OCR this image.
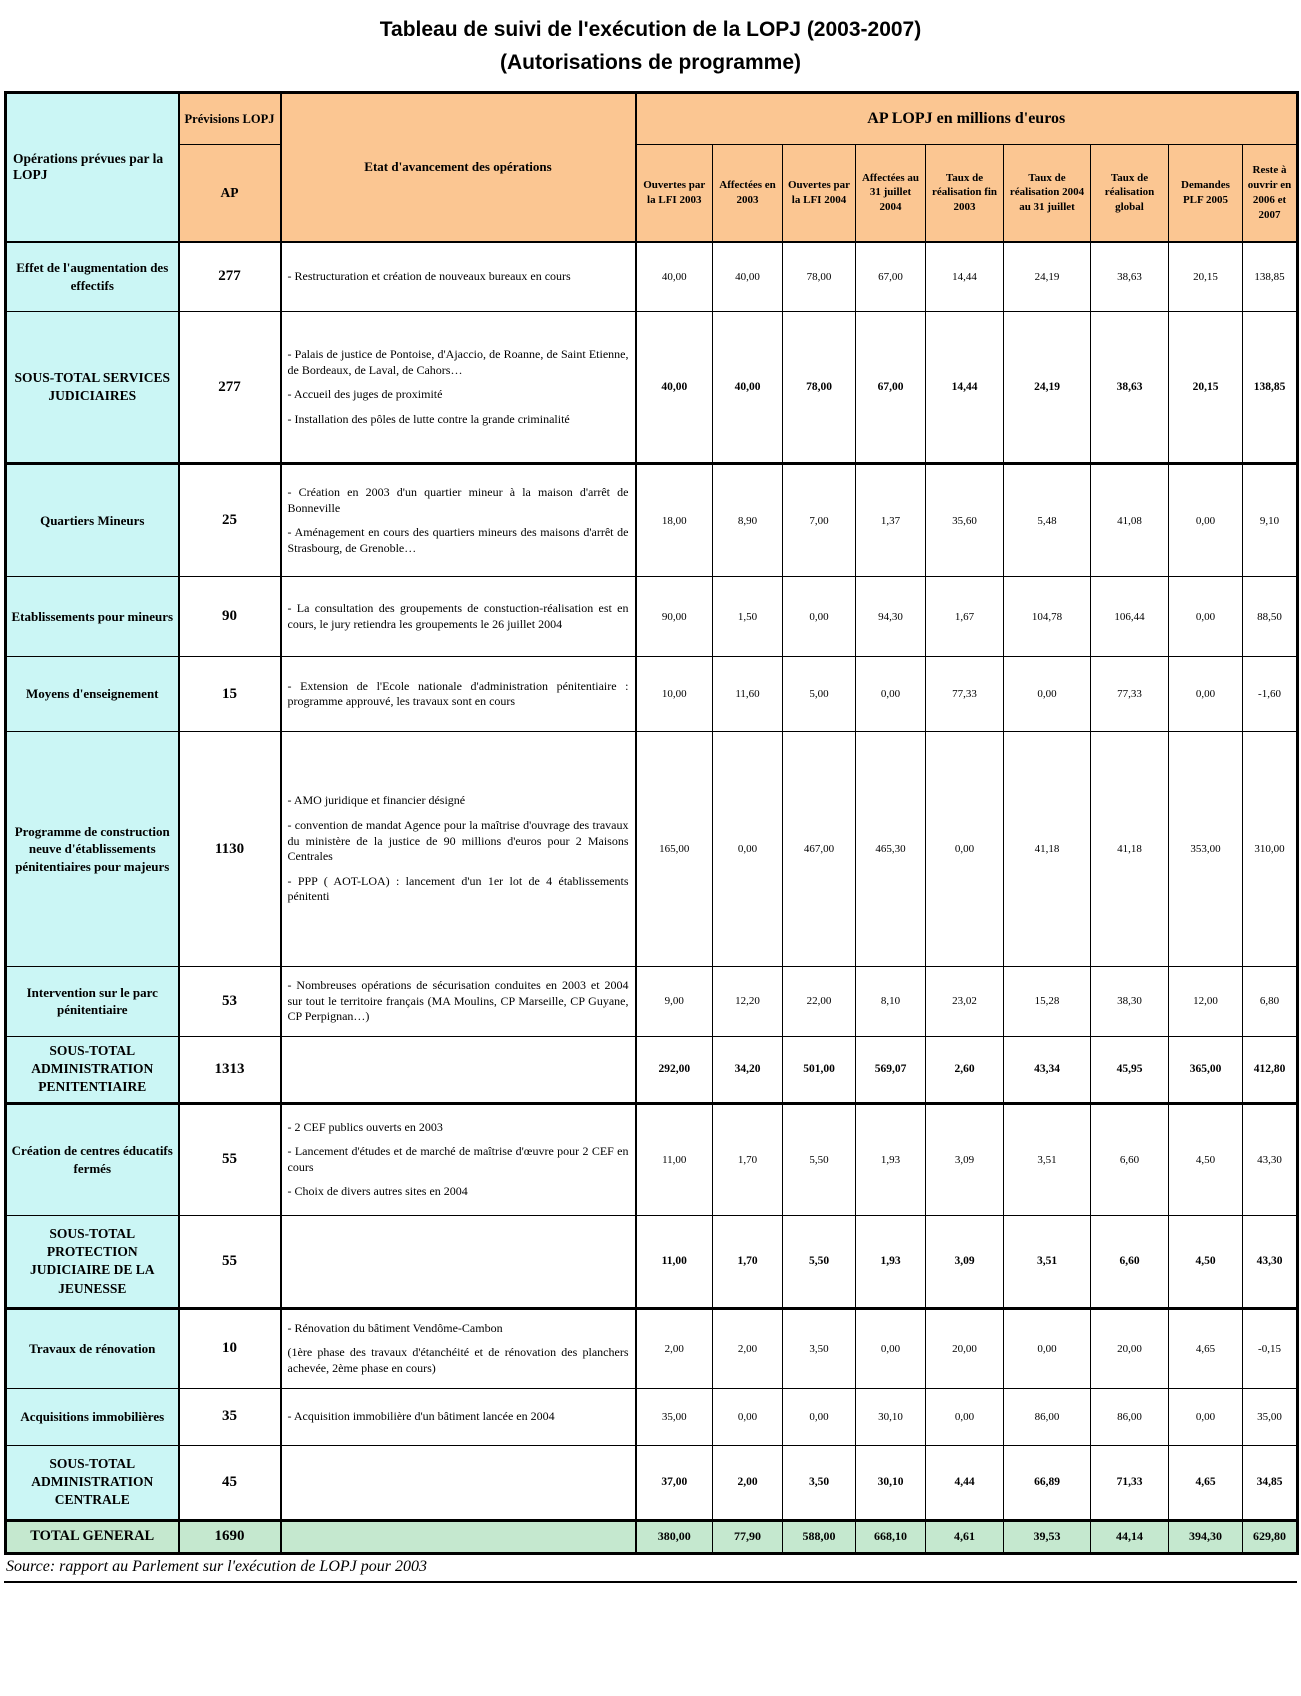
Tableau de suivi de l'exécution de la LOPJ (2003-2007)
(Autorisations de programme)
Opérations prévues par la LOPJ	Prévisions LOPJ	Etat d'avancement des opérations	AP LOPJ en millions d'euros								
	AP		Ouvertes par la LFI 2003	Affectées en 2003	Ouvertes par la LFI 2004	Affectées au 31 juillet 2004	Taux de réalisation fin 2003	Taux de réalisation 2004 au 31 juillet	Taux de réalisation global	Demandes PLF 2005	Reste à ouvrir en 2006 et 2007
Effet de l'augmentation des effectifs	277	- Restructuration et création de nouveaux bureaux en cours	40,00	40,00	78,00	67,00	14,44	24,19	38,63	20,15	138,85
SOUS-TOTAL SERVICES JUDICIAIRES	277	- Palais de justice de Pontoise, d'Ajaccio, de Roanne, de Saint Etienne, de Bordeaux, de Laval, de Cahors…

- Accueil des juges de proximité

- Installation des pôles de lutte contre la grande criminalité	40,00	40,00	78,00	67,00	14,44	24,19	38,63	20,15	138,85
Quartiers Mineurs	25	- Création en 2003 d'un quartier mineur à la maison d'arrêt de Bonneville

- Aménagement en cours des quartiers mineurs des maisons d'arrêt de Strasbourg, de Grenoble…	18,00	8,90	7,00	1,37	35,60	5,48	41,08	0,00	9,10
Etablissements pour mineurs	90	- La consultation des groupements de constuction-réalisation est en cours, le jury retiendra les groupements le 26 juillet 2004	90,00	1,50	0,00	94,30	1,67	104,78	106,44	0,00	88,50
Moyens d'enseignement	15	- Extension de l'Ecole nationale d'administration pénitentiaire : programme approuvé, les travaux sont en cours	10,00	11,60	5,00	0,00	77,33	0,00	77,33	0,00	-1,60
Programme de construction neuve d'établissements pénitentiaires pour majeurs	1130	- AMO juridique et financier désigné

- convention de mandat Agence pour la maîtrise d'ouvrage des travaux du ministère de la justice de 90 millions d'euros pour 2 Maisons Centrales

- PPP ( AOT-LOA) : lancement d'un 1er lot de 4 établissements pénitenti	165,00	0,00	467,00	465,30	0,00	41,18	41,18	353,00	310,00
Intervention sur le parc pénitentiaire	53	- Nombreuses opérations de sécurisation conduites en 2003 et 2004 sur tout le territoire français (MA Moulins, CP Marseille, CP Guyane, CP Perpignan…)	9,00	12,20	22,00	8,10	23,02	15,28	38,30	12,00	6,80
SOUS-TOTAL ADMINISTRATION PENITENTIAIRE	1313		292,00	34,20	501,00	569,07	2,60	43,34	45,95	365,00	412,80
Création de centres éducatifs fermés	55	- 2 CEF publics ouverts en 2003

- Lancement d'études et de marché de maîtrise d'œuvre pour 2 CEF en cours

- Choix de divers autres sites en 2004	11,00	1,70	5,50	1,93	3,09	3,51	6,60	4,50	43,30
SOUS-TOTAL PROTECTION JUDICIAIRE DE LA JEUNESSE	55		11,00	1,70	5,50	1,93	3,09	3,51	6,60	4,50	43,30
Travaux de rénovation	10	- Rénovation du bâtiment Vendôme-Cambon

(1ère phase des travaux d'étanchéité et de rénovation des planchers achevée, 2ème phase en cours)	2,00	2,00	3,50	0,00	20,00	0,00	20,00	4,65	-0,15
Acquisitions immobilières	35	- Acquisition immobilière d'un bâtiment lancée en 2004	35,00	0,00	0,00	30,10	0,00	86,00	86,00	0,00	35,00
SOUS-TOTAL ADMINISTRATION CENTRALE	45		37,00	2,00	3,50	30,10	4,44	66,89	71,33	4,65	34,85
TOTAL GENERAL	1690		380,00	77,90	588,00	668,10	4,61	39,53	44,14	394,30	629,80
Source: rapport au Parlement sur l'exécution de LOPJ pour 2003
